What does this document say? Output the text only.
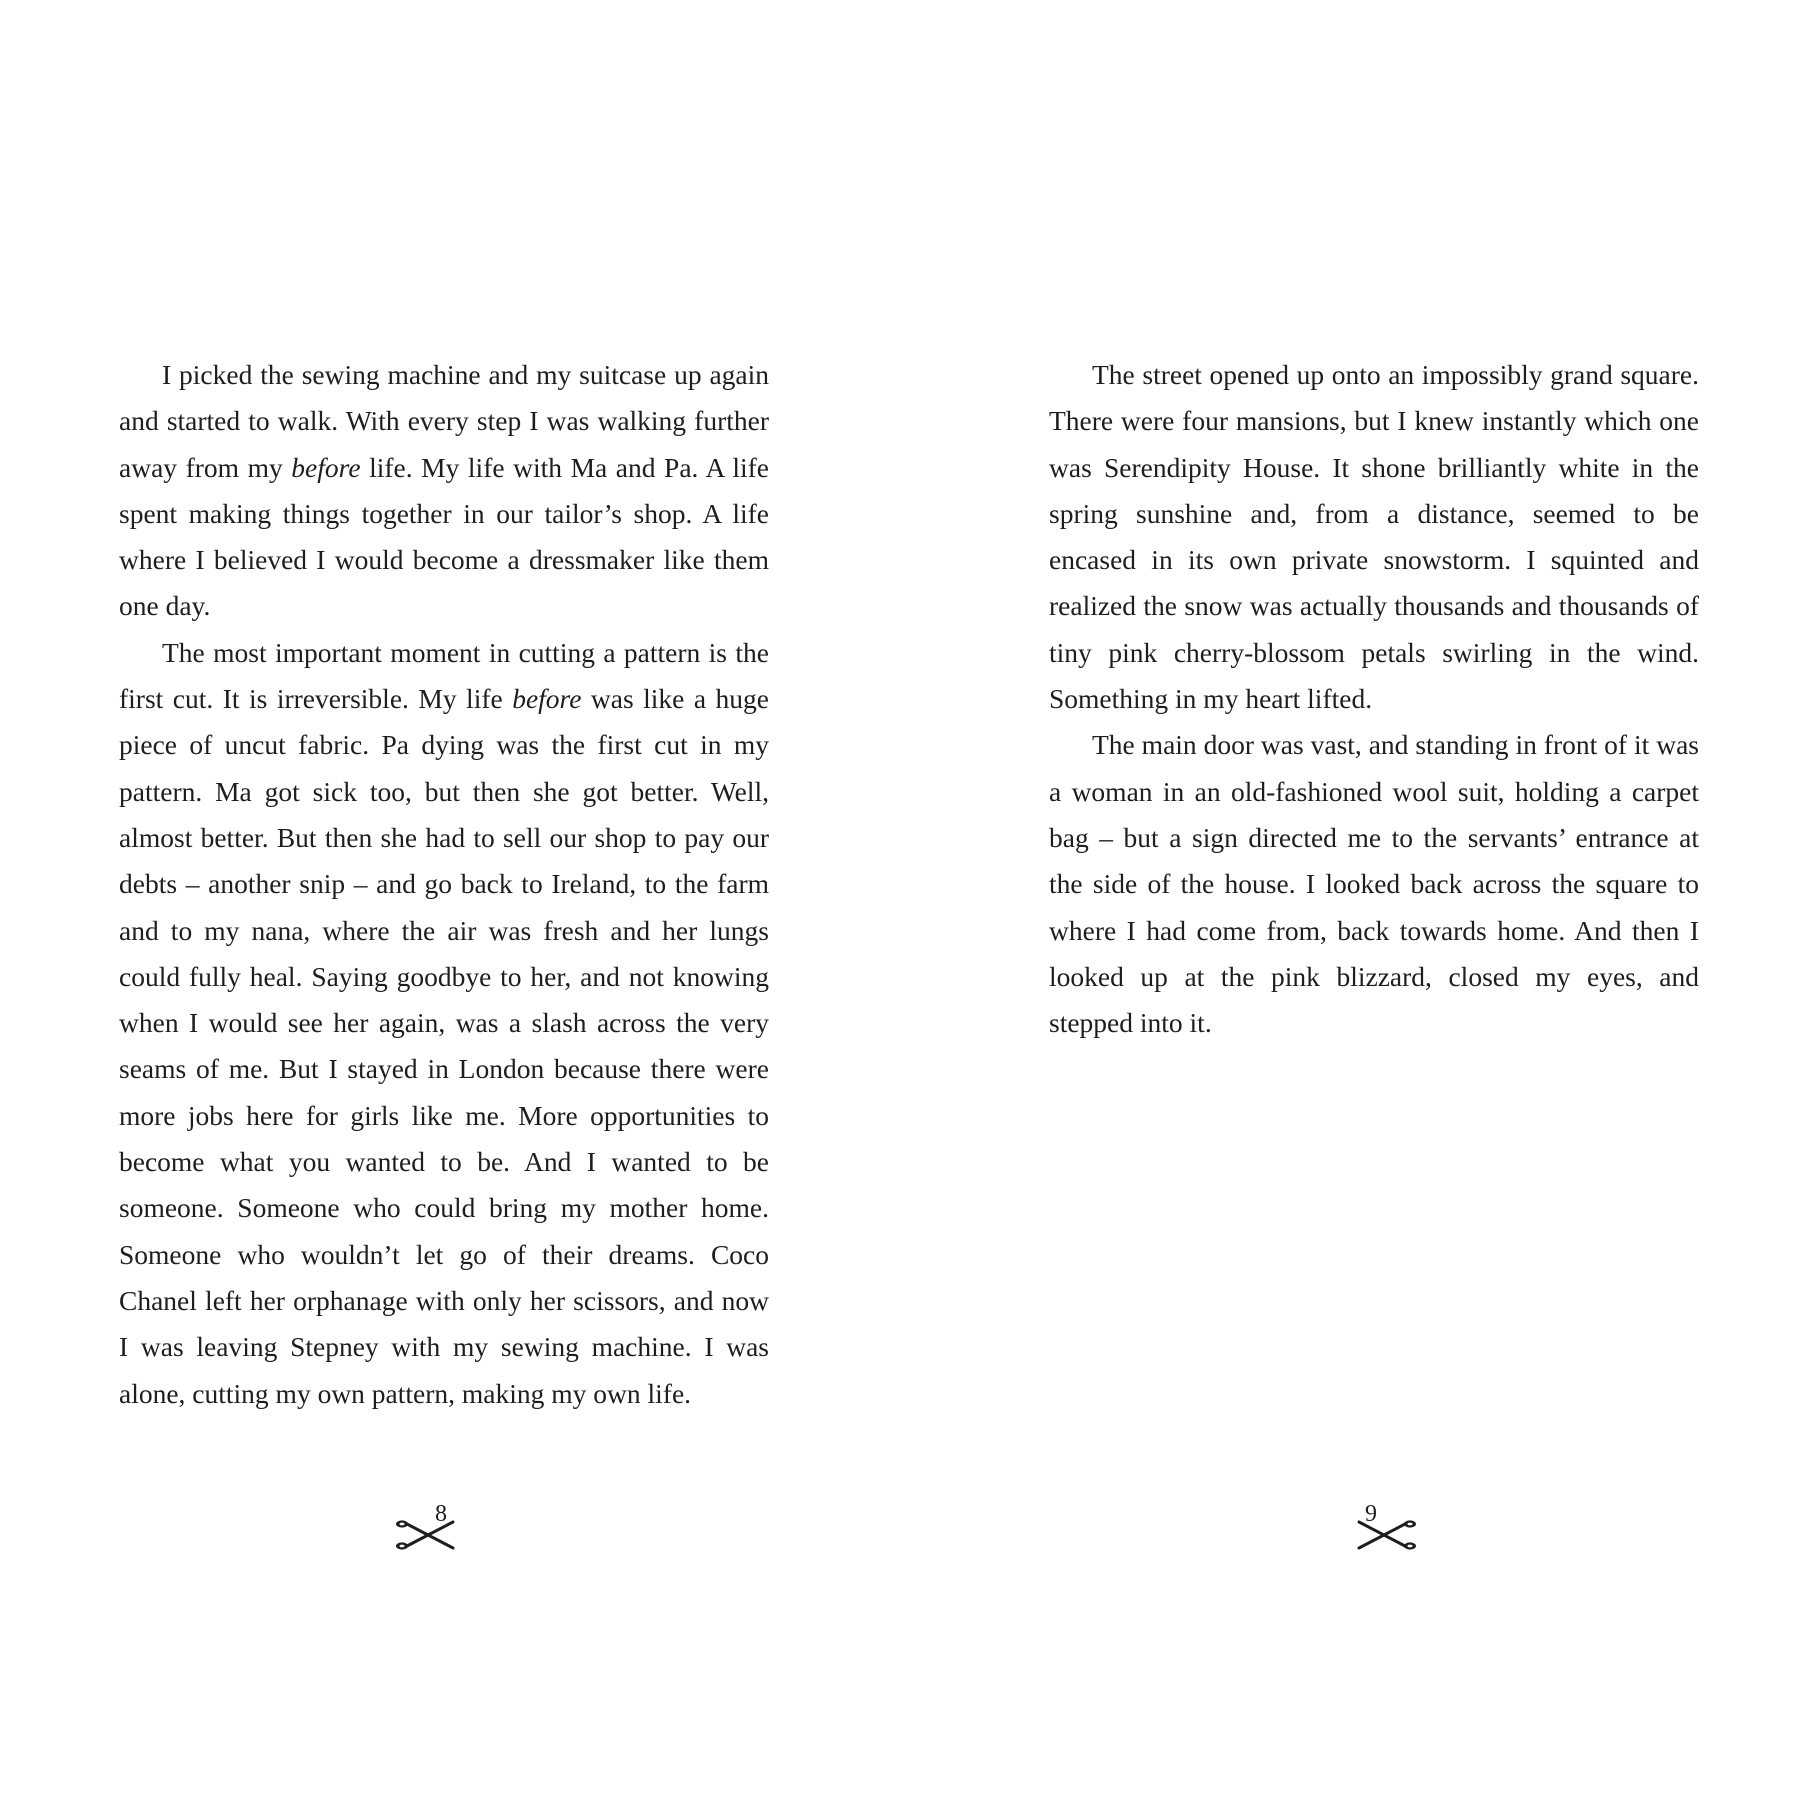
I picked the sewing machine and my suitcase up again and started to walk. With every step I was walking further away from my before life. My life with Ma and Pa. A life spent making things together in our tailor’s shop. A life where I believed I would become a dressmaker like them one day.

The most important moment in cutting a pattern is the first cut. It is irreversible. My life before was like a huge piece of uncut fabric. Pa dying was the first cut in my pattern. Ma got sick too, but then she got better. Well, almost better. But then she had to sell our shop to pay our debts – another snip – and go back to Ireland, to the farm and to my nana, where the air was fresh and her lungs could fully heal. Saying goodbye to her, and not knowing when I would see her again, was a slash across the very seams of me. But I stayed in London because there were more jobs here for girls like me. More opportunities to become what you wanted to be. And I wanted to be someone. Someone who could bring my mother home. Someone who wouldn’t let go of their dreams. Coco Chanel left her orphanage with only her scissors, and now I was leaving Stepney with my sewing machine. I was alone, cutting my own pattern, making my own life.

8

The street opened up onto an impossibly grand square. There were four mansions, but I knew instantly which one was Serendipity House. It shone brilliantly white in the spring sunshine and, from a distance, seemed to be encased in its own private snowstorm. I squinted and realized the snow was actually thousands and thousands of tiny pink cherry-blossom petals swirling in the wind. Something in my heart lifted.

The main door was vast, and standing in front of it was a woman in an old-fashioned wool suit, holding a carpet bag – but a sign directed me to the servants’ entrance at the side of the house. I looked back across the square to where I had come from, back towards home. And then I looked up at the pink blizzard, closed my eyes, and stepped into it.

9
